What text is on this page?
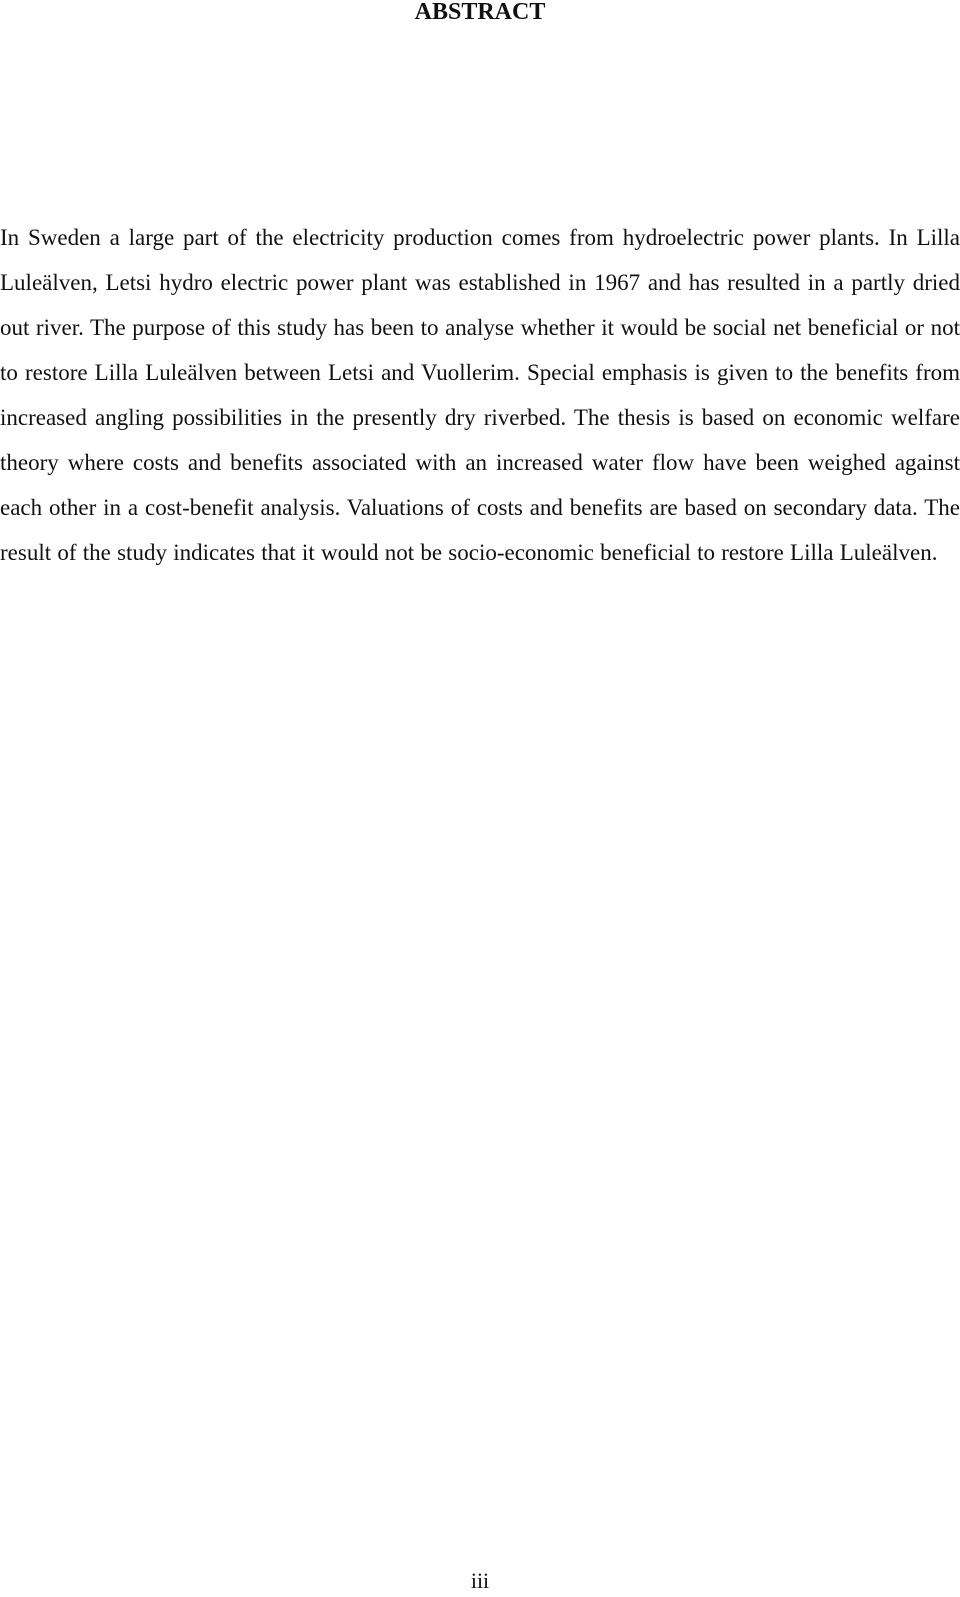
ABSTRACT

In Sweden a large part of the electricity production comes from hydroelectric power plants. In Lilla Luleälven, Letsi hydro electric power plant was established in 1967 and has resulted in a partly dried out river. The purpose of this study has been to analyse whether it would be social net beneficial or not to restore Lilla Luleälven between Letsi and Vuollerim. Special emphasis is given to the benefits from increased angling possibilities in the presently dry riverbed. The thesis is based on economic welfare theory where costs and benefits associated with an increased water flow have been weighed against each other in a cost-benefit analysis. Valuations of costs and benefits are based on secondary data. The result of the study indicates that it would not be socio-economic beneficial to restore Lilla Luleälven.

iii
